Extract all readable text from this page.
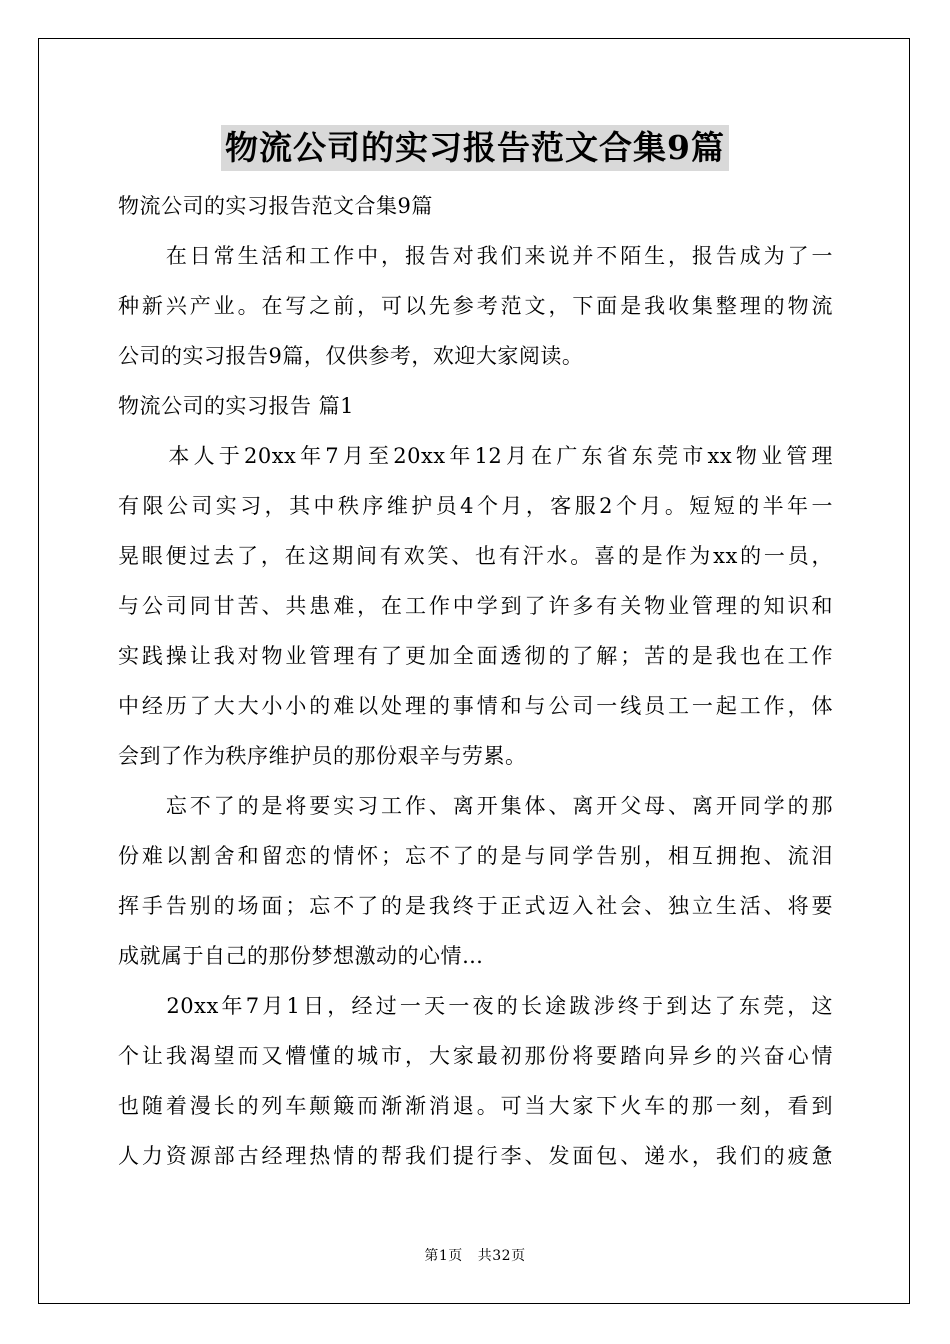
物流公司的实习报告范文合集9篇

物流公司的实习报告范文合集9篇

　　在日常生活和工作中，报告对我们来说并不陌生，报告成为了一

种新兴产业。在写之前，可以先参考范文，下面是我收集整理的物流

公司的实习报告9篇，仅供参考，欢迎大家阅读。

物流公司的实习报告 篇1

　　本人于20xx年7月至20xx年12月在广东省东莞市xx物业管理

有限公司实习，其中秩序维护员4个月，客服2个月。短短的半年一

晃眼便过去了，在这期间有欢笑、也有汗水。喜的是作为xx的一员，

与公司同甘苦、共患难，在工作中学到了许多有关物业管理的知识和

实践操让我对物业管理有了更加全面透彻的了解；苦的是我也在工作

中经历了大大小小的难以处理的事情和与公司一线员工一起工作，体

会到了作为秩序维护员的那份艰辛与劳累。

　　忘不了的是将要实习工作、离开集体、离开父母、离开同学的那

份难以割舍和留恋的情怀；忘不了的是与同学告别，相互拥抱、流泪

挥手告别的场面；忘不了的是我终于正式迈入社会、独立生活、将要

成就属于自己的那份梦想激动的心情…

　　20xx年7月1日，经过一天一夜的长途跋涉终于到达了东莞，这

个让我渴望而又懵懂的城市，大家最初那份将要踏向异乡的兴奋心情

也随着漫长的列车颠簸而渐渐消退。可当大家下火车的那一刻，看到

人力资源部古经理热情的帮我们提行李、发面包、递水，我们的疲惫

第1页 共32页
